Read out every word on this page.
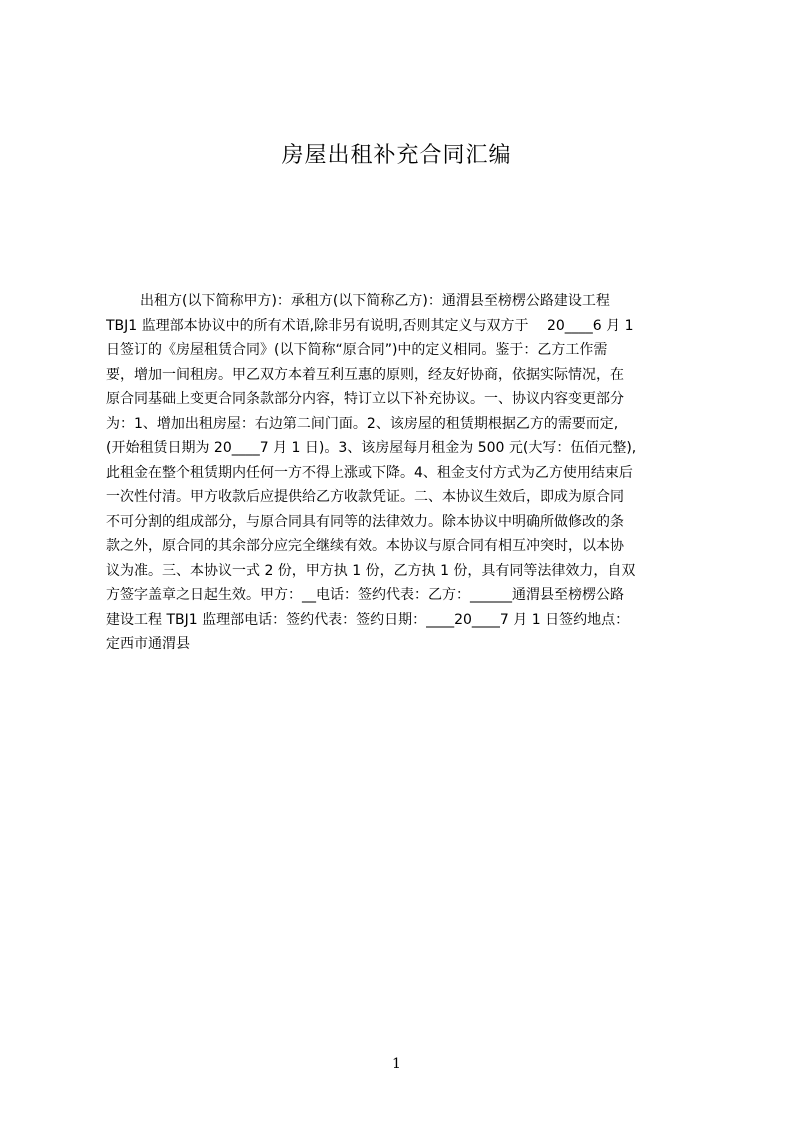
房屋出租补充合同汇编
出租方(以下简称甲方)：承租方(以下简称乙方)：通渭县至榜楞公路建设工程
TBJ1 监理部本协议中的所有术语,除非另有说明,否则其定义与双方于　 20____6 月 1
日签订的《房屋租赁合同》(以下简称“原合同”)中的定义相同。鉴于：乙方工作需
要，增加一间租房。甲乙双方本着互利互惠的原则，经友好协商，依据实际情况，在
原合同基础上变更合同条款部分内容，特订立以下补充协议。一、协议内容变更部分
为：1、增加出租房屋：右边第二间门面。2、该房屋的租赁期根据乙方的需要而定,
(开始租赁日期为 20____7 月 1 日)。3、该房屋每月租金为 500 元(大写：伍佰元整),
此租金在整个租赁期内任何一方不得上涨或下降。4、租金支付方式为乙方使用结束后
一次性付清。甲方收款后应提供给乙方收款凭证。二、本协议生效后，即成为原合同
不可分割的组成部分，与原合同具有同等的法律效力。除本协议中明确所做修改的条
款之外，原合同的其余部分应完全继续有效。本协议与原合同有相互冲突时，以本协
议为准。三、本协议一式 2 份，甲方执 1 份，乙方执 1 份，具有同等法律效力，自双
方签字盖章之日起生效。甲方：__电话：签约代表：乙方：______通渭县至榜楞公路
建设工程 TBJ1 监理部电话：签约代表：签约日期：____20____7 月 1 日签约地点：
定西市通渭县
1
